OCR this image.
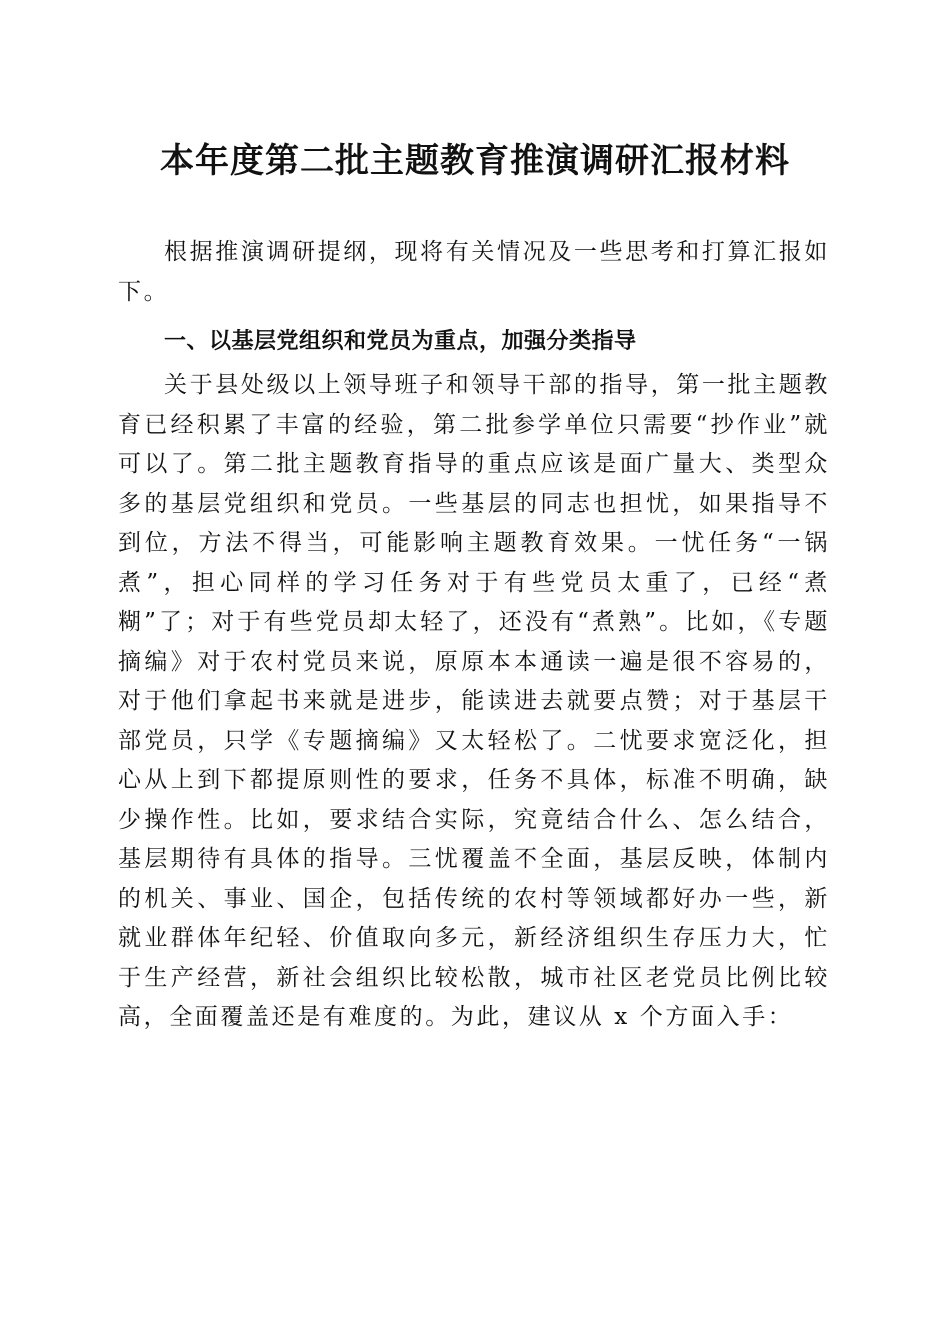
本年度第二批主题教育推演调研汇报材料

根据推演调研提纲，现将有关情况及一些思考和打算汇报如下。

一、以基层党组织和党员为重点，加强分类指导

关于县处级以上领导班子和领导干部的指导，第一批主题教育已经积累了丰富的经验，第二批参学单位只需要“抄作业”就可以了。第二批主题教育指导的重点应该是面广量大、类型众多的基层党组织和党员。一些基层的同志也担忧，如果指导不到位，方法不得当，可能影响主题教育效果。一忧任务“一锅煮”，担心同样的学习任务对于有些党员太重了，已经“煮糊”了；对于有些党员却太轻了，还没有“煮熟”。比如，《专题摘编》对于农村党员来说，原原本本通读一遍是很不容易的，对于他们拿起书来就是进步，能读进去就要点赞；对于基层干部党员，只学《专题摘编》又太轻松了。二忧要求宽泛化，担心从上到下都提原则性的要求，任务不具体，标准不明确，缺少操作性。比如，要求结合实际，究竟结合什么、怎么结合，基层期待有具体的指导。三忧覆盖不全面，基层反映，体制内的机关、事业、国企，包括传统的农村等领域都好办一些，新就业群体年纪轻、价值取向多元，新经济组织生存压力大，忙于生产经营，新社会组织比较松散，城市社区老党员比例比较高，全面覆盖还是有难度的。为此，建议从 x 个方面入手：
